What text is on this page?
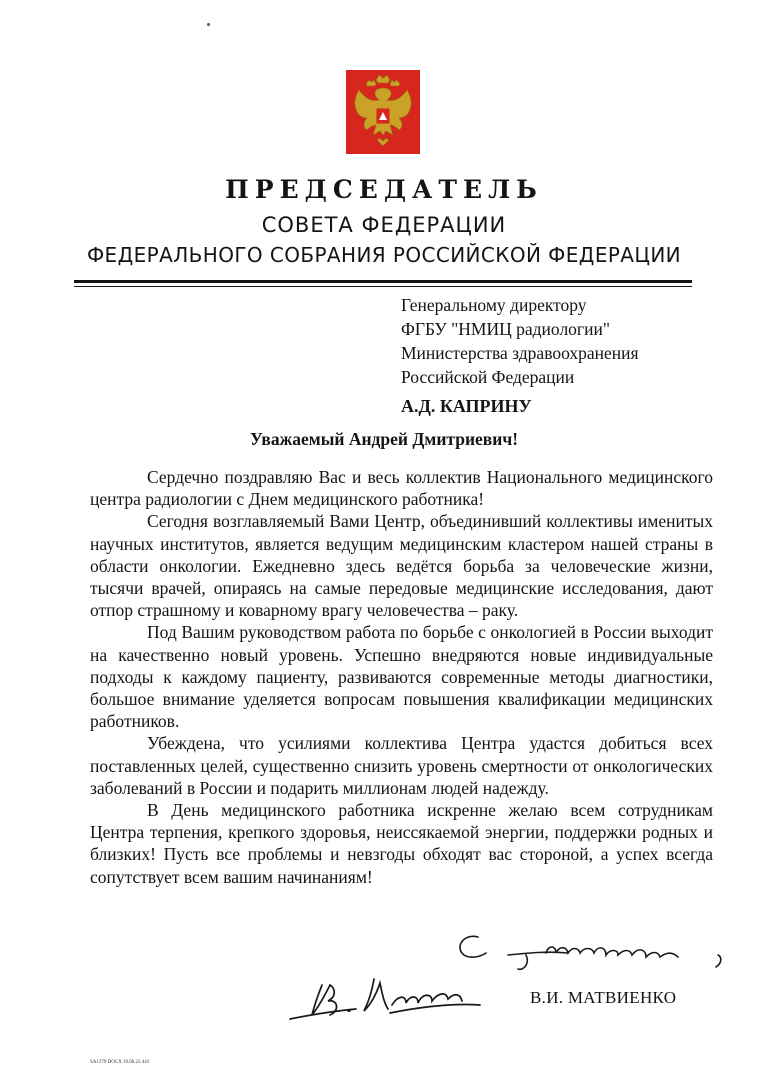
ПРЕДСЕДАТЕЛЬ
СОВЕТА ФЕДЕРАЦИИ
ФЕДЕРАЛЬНОГО СОБРАНИЯ РОССИЙСКОЙ ФЕДЕРАЦИИ
Генеральному директору
ФГБУ "НМИЦ радиологии"
Министерства здравоохранения
Российской Федерации
А.Д. КАПРИНУ
Уважаемый Андрей Дмитриевич!

Сердечно поздравляю Вас и весь коллектив Национального медицинского центра радиологии с Днем медицинского работника!

Сегодня возглавляемый Вами Центр, объединивший коллективы именитых научных институтов, является ведущим медицинским кластером нашей страны в области онкологии. Ежедневно здесь ведётся борьба за человеческие жизни, тысячи врачей, опираясь на самые передовые медицинские исследования, дают отпор страшному и коварному врагу человечества – раку.

Под Вашим руководством работа по борьбе с онкологией в России выходит на качественно новый уровень. Успешно внедряются новые индивидуальные подходы к каждому пациенту, развиваются современные методы диагностики, большое внимание уделяется вопросам повышения квалификации медицинских работников.

Убеждена, что усилиями коллектива Центра удастся добиться всех поставленных целей, существенно снизить уровень смертности от онкологических заболеваний в России и подарить миллионам людей надежду.

В День медицинского работника искренне желаю всем сотрудникам Центра терпения, крепкого здоровья, неиссякаемой энергии, поддержки родных и близких! Пусть все проблемы и невзгоды обходят вас стороной, а успех всегда сопутствует всем вашим начинаниям!

В.И. МАТВИЕНКО
SA1379 DOCX 19.06.23 443
